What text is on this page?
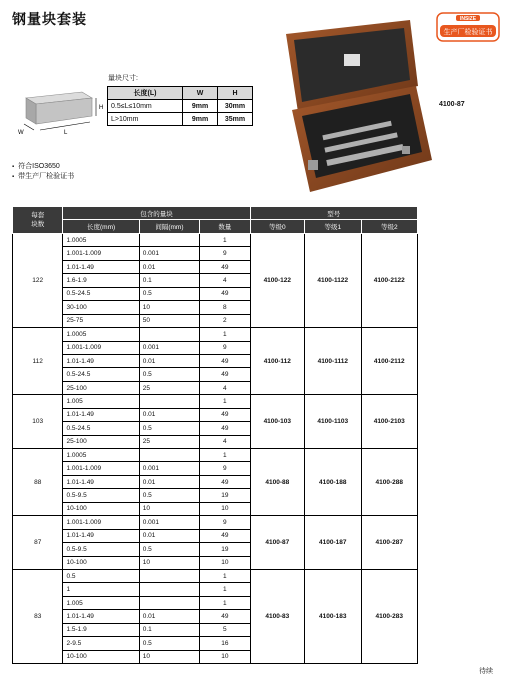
钢量块套装	INSIZE
生产厂检验证书
4100-87
H
W	L
量块尺寸:
长度(L)	W	H
0.5≤L≤10mm	9mm	30mm
L>10mm	9mm	35mm
▪ 符合ISO3650
▪ 带生产厂检验证书
每套
块数	包含的量块			型号		
	长度(mm)	间隔(mm)	数量	等级0	等级1	等级2
122	1.0005		1	4100-122	4100-1122	4100-2122
	1.001-1.009	0.001	9			
	1.01-1.49	0.01	49			
	1.6-1.9	0.1	4			
	0.5-24.5	0.5	49			
	30-100	10	8			
	25-75	50	2			
112	1.0005		1	4100-112	4100-1112	4100-2112
	1.001-1.009	0.001	9			
	1.01-1.49	0.01	49			
	0.5-24.5	0.5	49			
	25-100	25	4			
103	1.005		1	4100-103	4100-1103	4100-2103
	1.01-1.49	0.01	49			
	0.5-24.5	0.5	49			
	25-100	25	4			
88	1.0005		1	4100-88	4100-188	4100-288
	1.001-1.009	0.001	9			
	1.01-1.49	0.01	49			
	0.5-9.5	0.5	19			
	10-100	10	10			
87	1.001-1.009	0.001	9	4100-87	4100-187	4100-287
	1.01-1.49	0.01	49			
	0.5-9.5	0.5	19			
	10-100	10	10			
83	0.5		1	4100-83	4100-183	4100-283
	1		1			
	1.005		1			
	1.01-1.49	0.01	49			
	1.5-1.9	0.1	5			
	2-9.5	0.5	16			
	10-100	10	10			
待续
